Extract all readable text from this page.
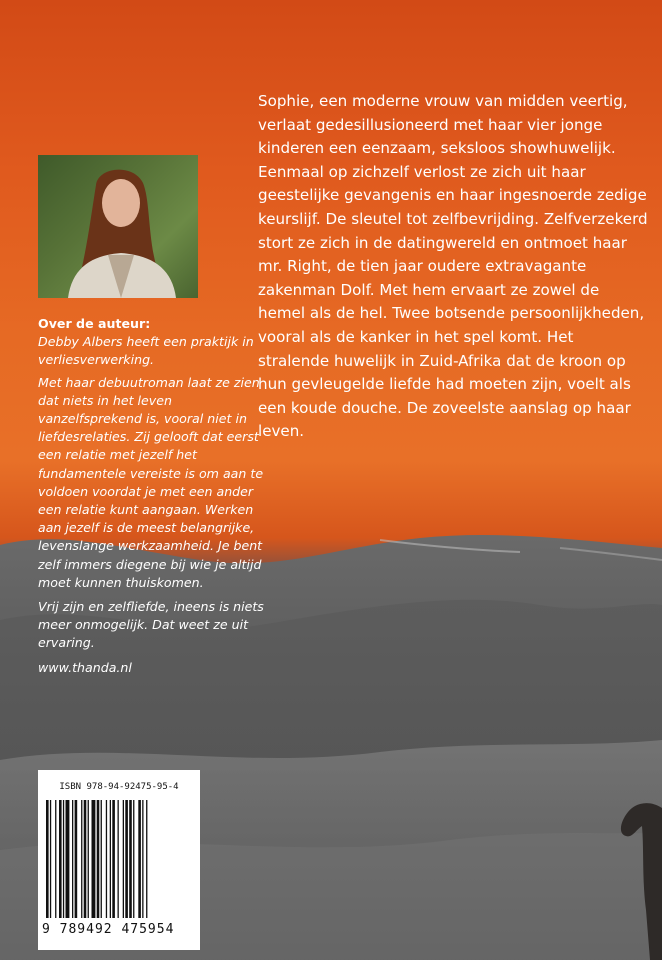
Over de auteur:

Debby Albers heeft een praktijk in verliesverwerking.

Met haar debuutroman laat ze zien dat niets in het leven vanzelfsprekend is, vooral niet in liefdesrelaties. Zij gelooft dat eerst een relatie met jezelf het fundamentele vereiste is om aan te voldoen voordat je met een ander een relatie kunt aangaan. Werken aan jezelf is de meest belangrijke, levenslange werkzaamheid. Je bent zelf immers diegene bij wie je altijd moet kunnen thuiskomen.

Vrij zijn en zelfliefde, ineens is niets meer onmogelijk. Dat weet ze uit ervaring.

www.thanda.nl

Sophie, een moderne vrouw van midden veertig, verlaat gedesillusioneerd met haar vier jonge kinderen een eenzaam, seksloos showhuwelijk. Eenmaal op zichzelf verlost ze zich uit haar geestelijke gevangenis en haar ingesnoerde zedige keurslijf. De sleutel tot zelfbevrijding. Zelfverzekerd stort ze zich in de datingwereld en ontmoet haar mr. Right, de tien jaar oudere extravagante zakenman Dolf. Met hem ervaart ze zowel de hemel als de hel. Twee botsende persoonlijkheden, vooral als de kanker in het spel komt. Het stralende huwelijk in Zuid-Afrika dat de kroon op hun gevleugelde liefde had moeten zijn, voelt als een koude douche. De zoveelste aanslag op haar leven.

ISBN 978-94-92475-95-4
9 789492 475954
